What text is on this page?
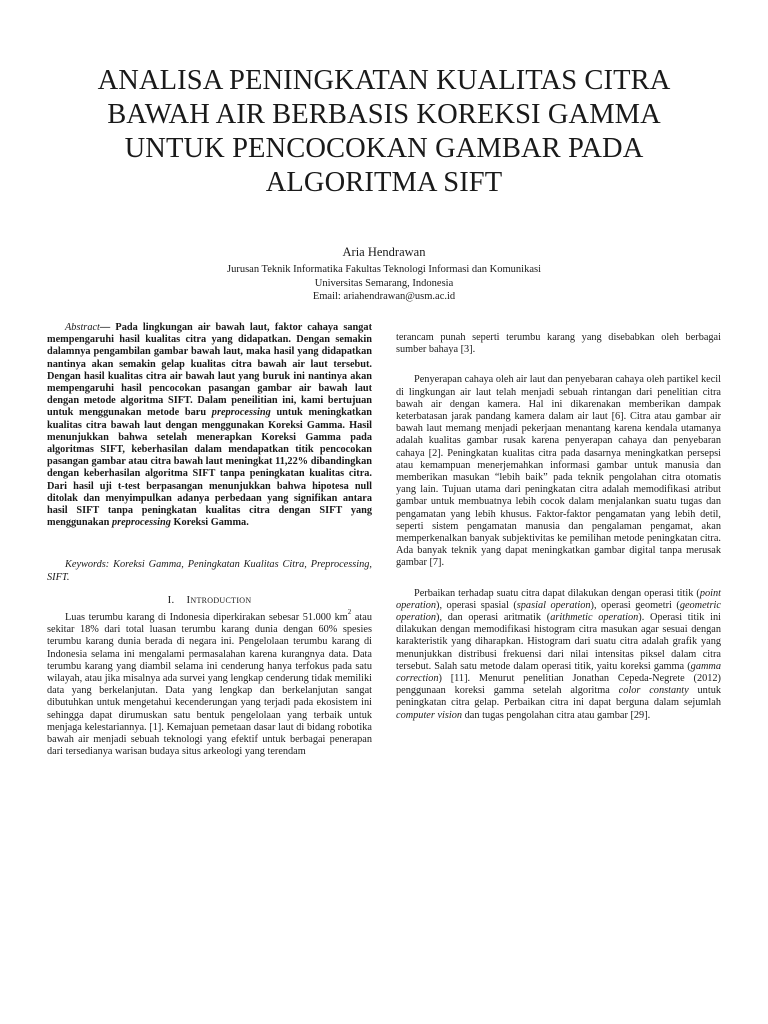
ANALISA PENINGKATAN KUALITAS CITRA BAWAH AIR BERBASIS KOREKSI GAMMA UNTUK PENCOCOKAN GAMBAR PADA ALGORITMA SIFT
Aria Hendrawan
Jurusan Teknik Informatika Fakultas Teknologi Informasi dan Komunikasi
Universitas Semarang, Indonesia
Email: ariahendrawan@usm.ac.id

Abstract— Pada lingkungan air bawah laut, faktor cahaya sangat mempengaruhi hasil kualitas citra yang didapatkan. Dengan semakin dalamnya pengambilan gambar bawah laut, maka hasil yang didapatkan nantinya akan semakin gelap kualitas citra bawah air laut tersebut. Dengan hasil kualitas citra air bawah laut yang buruk ini nantinya akan mempengaruhi hasil pencocokan pasangan gambar air bawah laut dengan metode algoritma SIFT. Dalam peneilitian ini, kami bertujuan untuk menggunakan metode baru preprocessing untuk meningkatkan kualitas citra bawah laut dengan menggunakan Koreksi Gamma. Hasil menunjukkan bahwa setelah menerapkan Koreksi Gamma pada algoritmas SIFT, keberhasilan dalam mendapatkan titik pencocokan pasangan gambar atau citra bawah laut meningkat 11,22% dibandingkan dengan keberhasilan algoritma SIFT tanpa peningkatan kualitas citra. Dari hasil uji t-test berpasangan menunjukkan bahwa hipotesa null ditolak dan menyimpulkan adanya perbedaan yang signifikan antara hasil SIFT tanpa peningkatan kualitas citra dengan SIFT yang menggunakan preprocessing Koreksi Gamma.

Keywords: Koreksi Gamma, Peningkatan Kualitas Citra, Preprocessing, SIFT.

I. Introduction

Luas terumbu karang di Indonesia diperkirakan sebesar 51.000 $km^2$ atau sekitar 18% dari total luasan terumbu karang dunia dengan 60% spesies terumbu karang dunia berada di negara ini. Pengelolaan terumbu karang di Indonesia selama ini mengalami permasalahan karena kurangnya data. Data terumbu karang yang diambil selama ini cenderung hanya terfokus pada satu wilayah, atau jika misalnya ada survei yang lengkap cenderung tidak memiliki data yang berkelanjutan. Data yang lengkap dan berkelanjutan sangat dibutuhkan untuk mengetahui kecenderungan yang terjadi pada ekosistem ini sehingga dapat dirumuskan satu bentuk pengelolaan yang terbaik untuk menjaga kelestariannya. [1]. Kemajuan pemetaan dasar laut di bidang robotika bawah air menjadi sebuah teknologi yang efektif untuk berbagai penerapan dari tersedianya warisan budaya situs arkeologi yang terendam

terancam punah seperti terumbu karang yang disebabkan oleh berbagai sumber bahaya [3].

Penyerapan cahaya oleh air laut dan penyebaran cahaya oleh partikel kecil di lingkungan air laut telah menjadi sebuah rintangan dari penelitian citra bawah air dengan kamera. Hal ini dikarenakan memberikan dampak keterbatasan jarak pandang kamera dalam air laut [6]. Citra atau gambar air bawah laut memang menjadi pekerjaan menantang karena kendala utamanya adalah kualitas gambar rusak karena penyerapan cahaya dan penyebaran cahaya [2]. Peningkatan kualitas citra pada dasarnya meningkatkan persepsi atau kemampuan menerjemahkan informasi gambar untuk manusia dan memberikan masukan “lebih baik” pada teknik pengolahan citra otomatis yang lain. Tujuan utama dari peningkatan citra adalah memodifikasi atribut gambar untuk membuatnya lebih cocok dalam menjalankan suatu tugas dan pengamatan yang lebih khusus. Faktor-faktor pengamatan yang lebih detil, seperti sistem pengamatan manusia dan pengalaman pengamat, akan memperkenalkan banyak subjektivitas ke pemilihan metode peningkatan citra. Ada banyak teknik yang dapat meningkatkan gambar digital tanpa merusak gambar [7].

Perbaikan terhadap suatu citra dapat dilakukan dengan operasi titik (point operation), operasi spasial (spasial operation), operasi geometri (geometric operation), dan operasi aritmatik (arithmetic operation). Operasi titik ini dilakukan dengan memodifikasi histogram citra masukan agar sesuai dengan karakteristik yang diharapkan. Histogram dari suatu citra adalah grafik yang menunjukkan distribusi frekuensi dari nilai intensitas piksel dalam citra tersebut. Salah satu metode dalam operasi titik, yaitu koreksi gamma (gamma correction) [11]. Menurut penelitian Jonathan Cepeda-Negrete (2012) penggunaan koreksi gamma setelah algoritma color constanty untuk peningkatan citra gelap. Perbaikan citra ini dapat berguna dalam sejumlah computer vision dan tugas pengolahan citra atau gambar [29].
